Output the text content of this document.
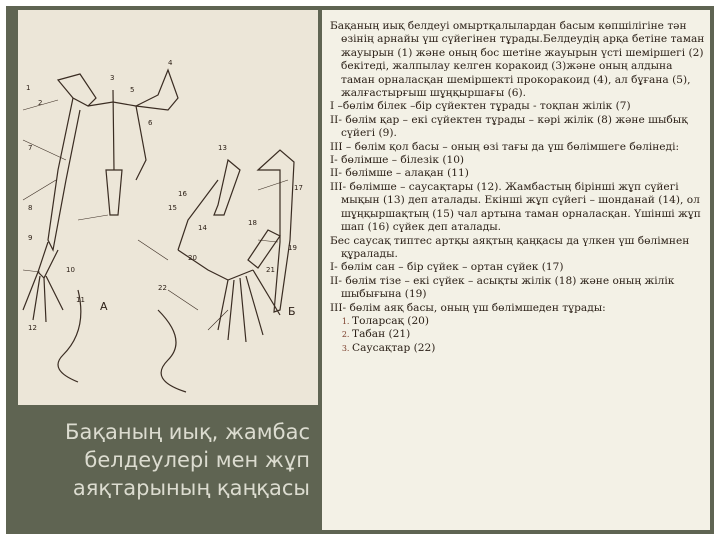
1
2
3
4
5
6
7
8
9
10
11
12
13
14
15
16
17
18
19
20
21
22
А	Б
Бақаның иық, жамбас белдеулері мен жұп аяқтарының қаңқасы

Бақаның иық белдеуі омыртқалылардан басым көпшілігіне тән өзінің арнайы үш сүйегінен тұрады.Белдеудің арқа бетіне таман жауырын (1) және оның бос шетіне жауырын үсті шеміршегі (2) бекітеді, жалпылау келген коракоид (3)және оның алдына таман орналасқан шеміршекті прокоракоид (4), ал бұғана (5), жалғастырғыш шұңқыршағы (6).

І –бөлім білек –бір сүйектен тұрады - тоқпан жілік (7)

ІІ- бөлім қар – екі сүйектен тұрады – кәрі жілік (8) және шыбық сүйегі (9).

ІІІ – бөлім қол басы – оның өзі тағы да үш бөлімшеге бөлінеді:

І- бөлімше – білезік (10)

ІІ- бөлімше – алақан (11)

ІІІ- бөлімше – саусақтары (12). Жамбастың бірінші жұп сүйегі мықын (13) деп аталады. Екінші жұп сүйегі – шонданай (14), ол шұңқыршақтың (15) чал артына таман орналасқан. Үшінші жұп шап (16) сүйек деп аталады.

Бес саусақ типтес артқы аяқтың қаңқасы да үлкен үш бөлімнен құралады.

І- бөлім сан – бір сүйек – ортан сүйек (17)

ІІ- бөлім тізе – екі сүйек – асықты жілік (18) және оның жілік шыбығына (19)

ІІІ- бөлім аяқ басы, оның үш бөлімшеден тұрады:

1. Толарсақ (20)
2. Табан (21)
3. Саусақтар (22)
